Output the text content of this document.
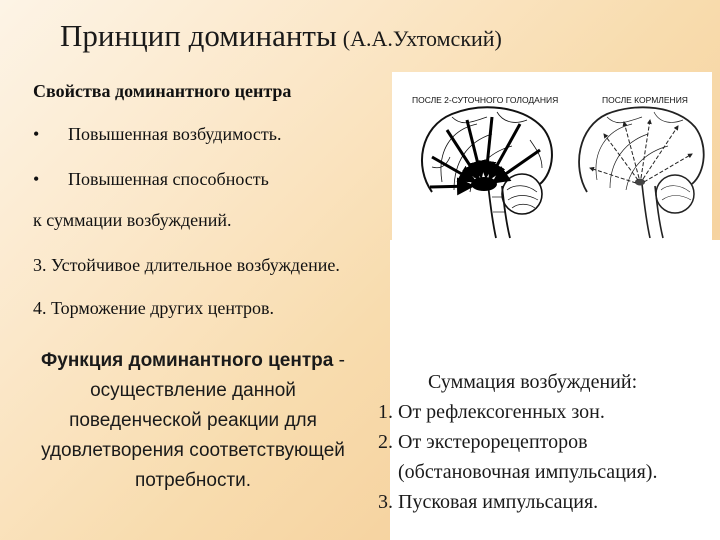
Принцип доминанты (А.А.Ухтомский)
Свойства доминантного центра
• Повышенная возбудимость.
• Повышенная способность
к суммации возбуждений.
ПОСЛЕ 2-СУТОЧНОГО ГОЛОДАНИЯ	ПОСЛЕ КОРМЛЕНИЯ
3. Устойчивое длительное возбуждение.
4. Торможение других центров.
Функция доминантного центра - осуществление данной поведенческой реакции для удовлетворения соответствующей потребности.
Суммация возбуждений:
1. От рефлексогенных зон.
2. От экстерорецепторов
(обстановочная импульсация).
3. Пусковая импульсация.
